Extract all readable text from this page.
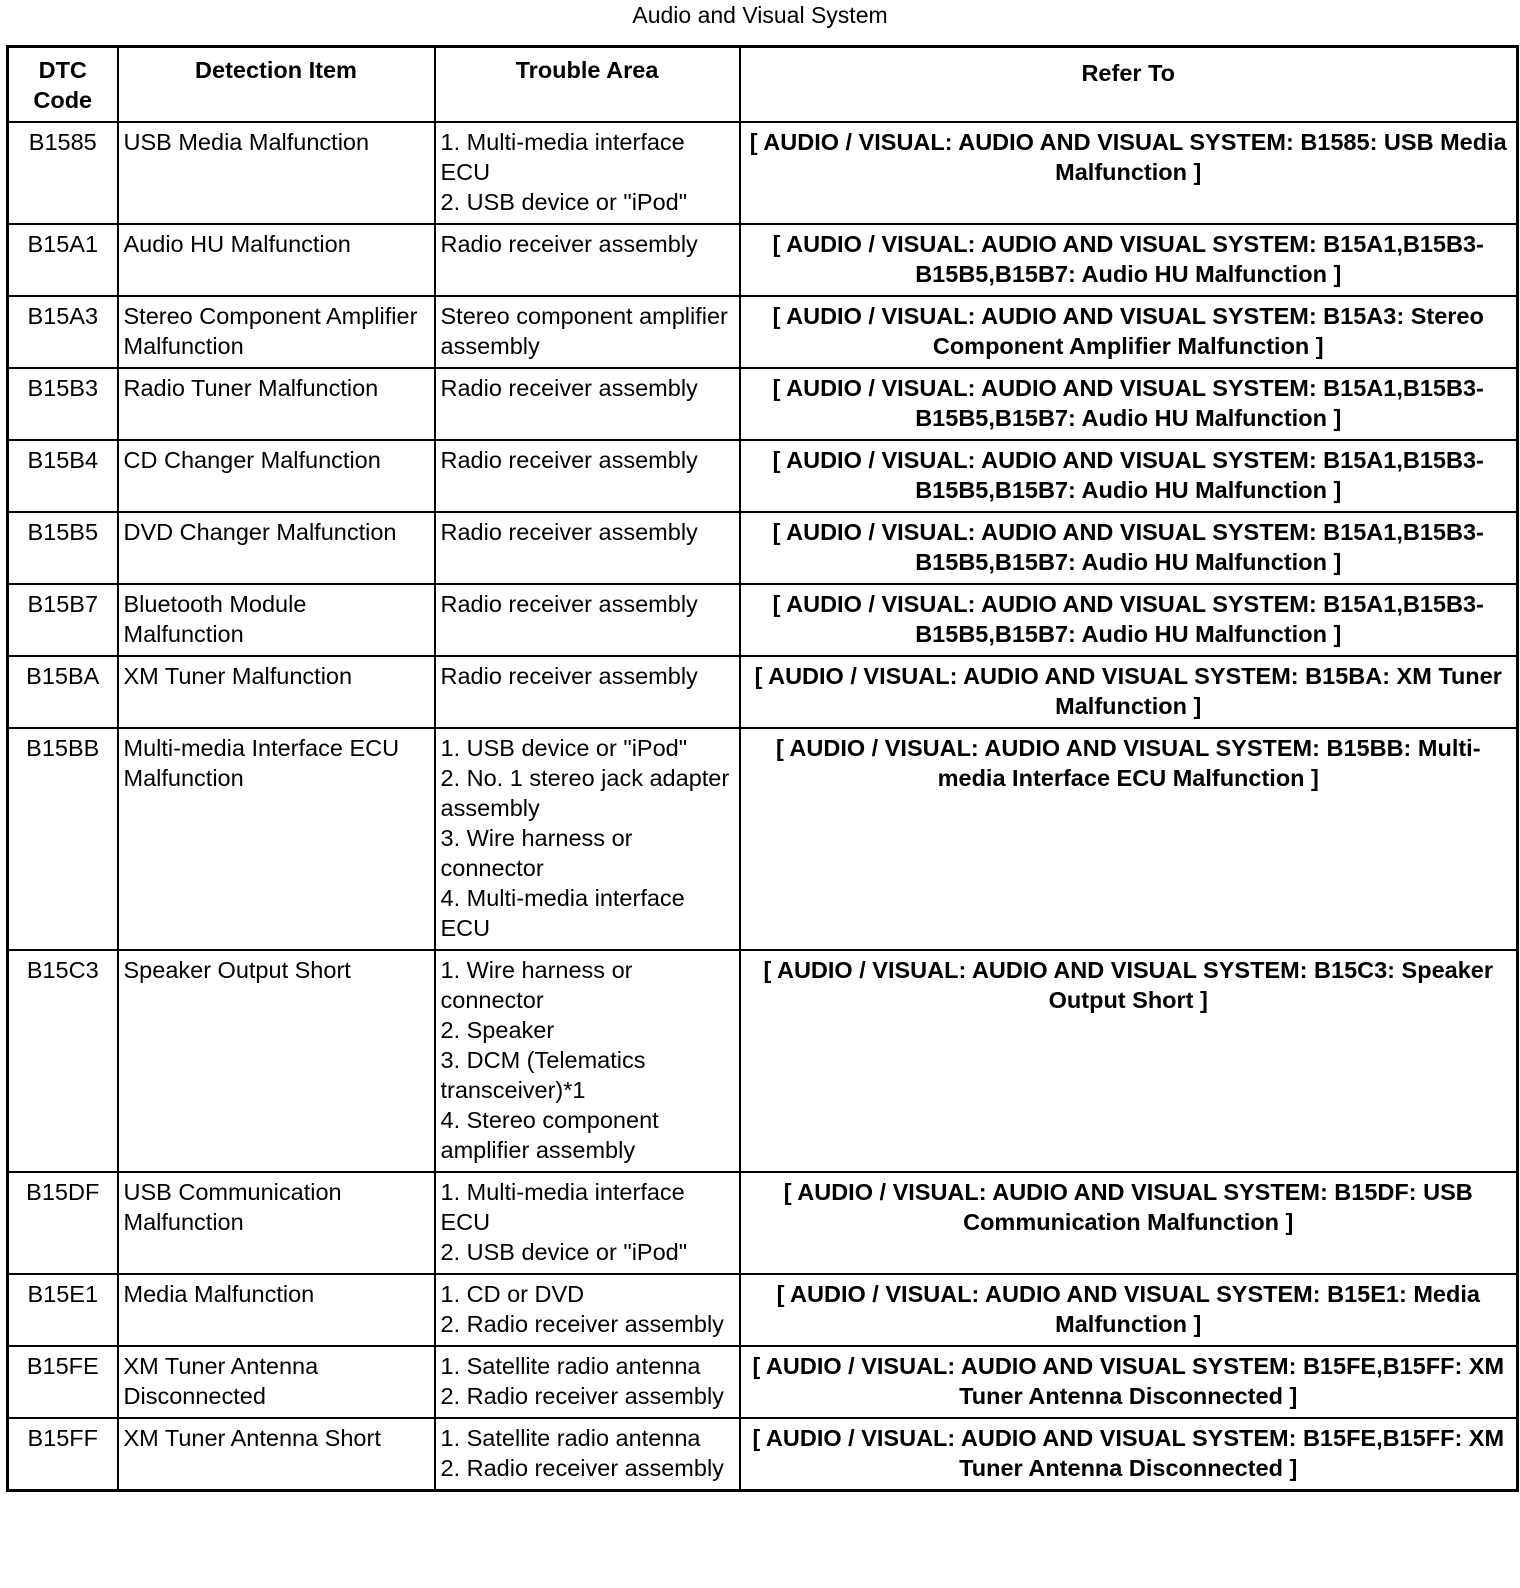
Audio and Visual System
DTC Code	Detection Item	Trouble Area	Refer To
B1585	USB Media Malfunction	1. Multi-media interface ECU
2. USB device or "iPod"	[ AUDIO / VISUAL: AUDIO AND VISUAL SYSTEM: B1585: USB Media Malfunction ]
B15A1	Audio HU Malfunction	Radio receiver assembly	[ AUDIO / VISUAL: AUDIO AND VISUAL SYSTEM: B15A1,B15B3-B15B5,B15B7: Audio HU Malfunction ]
B15A3	Stereo Component Amplifier Malfunction	Stereo component amplifier assembly	[ AUDIO / VISUAL: AUDIO AND VISUAL SYSTEM: B15A3: Stereo Component Amplifier Malfunction ]
B15B3	Radio Tuner Malfunction	Radio receiver assembly	[ AUDIO / VISUAL: AUDIO AND VISUAL SYSTEM: B15A1,B15B3-B15B5,B15B7: Audio HU Malfunction ]
B15B4	CD Changer Malfunction	Radio receiver assembly	[ AUDIO / VISUAL: AUDIO AND VISUAL SYSTEM: B15A1,B15B3-B15B5,B15B7: Audio HU Malfunction ]
B15B5	DVD Changer Malfunction	Radio receiver assembly	[ AUDIO / VISUAL: AUDIO AND VISUAL SYSTEM: B15A1,B15B3-B15B5,B15B7: Audio HU Malfunction ]
B15B7	Bluetooth Module Malfunction	Radio receiver assembly	[ AUDIO / VISUAL: AUDIO AND VISUAL SYSTEM: B15A1,B15B3-B15B5,B15B7: Audio HU Malfunction ]
B15BA	XM Tuner Malfunction	Radio receiver assembly	[ AUDIO / VISUAL: AUDIO AND VISUAL SYSTEM: B15BA: XM Tuner Malfunction ]
B15BB	Multi-media Interface ECU Malfunction	1. USB device or "iPod"
2. No. 1 stereo jack adapter assembly
3. Wire harness or connector
4. Multi-media interface ECU	[ AUDIO / VISUAL: AUDIO AND VISUAL SYSTEM: B15BB: Multi-media Interface ECU Malfunction ]
B15C3	Speaker Output Short	1. Wire harness or connector
2. Speaker
3. DCM (Telematics transceiver)*1
4. Stereo component amplifier assembly	[ AUDIO / VISUAL: AUDIO AND VISUAL SYSTEM: B15C3: Speaker Output Short ]
B15DF	USB Communication Malfunction	1. Multi-media interface ECU
2. USB device or "iPod"	[ AUDIO / VISUAL: AUDIO AND VISUAL SYSTEM: B15DF: USB Communication Malfunction ]
B15E1	Media Malfunction	1. CD or DVD
2. Radio receiver assembly	[ AUDIO / VISUAL: AUDIO AND VISUAL SYSTEM: B15E1: Media Malfunction ]
B15FE	XM Tuner Antenna Disconnected	1. Satellite radio antenna
2. Radio receiver assembly	[ AUDIO / VISUAL: AUDIO AND VISUAL SYSTEM: B15FE,B15FF: XM Tuner Antenna Disconnected ]
B15FF	XM Tuner Antenna Short	1. Satellite radio antenna
2. Radio receiver assembly	[ AUDIO / VISUAL: AUDIO AND VISUAL SYSTEM: B15FE,B15FF: XM Tuner Antenna Disconnected ]
